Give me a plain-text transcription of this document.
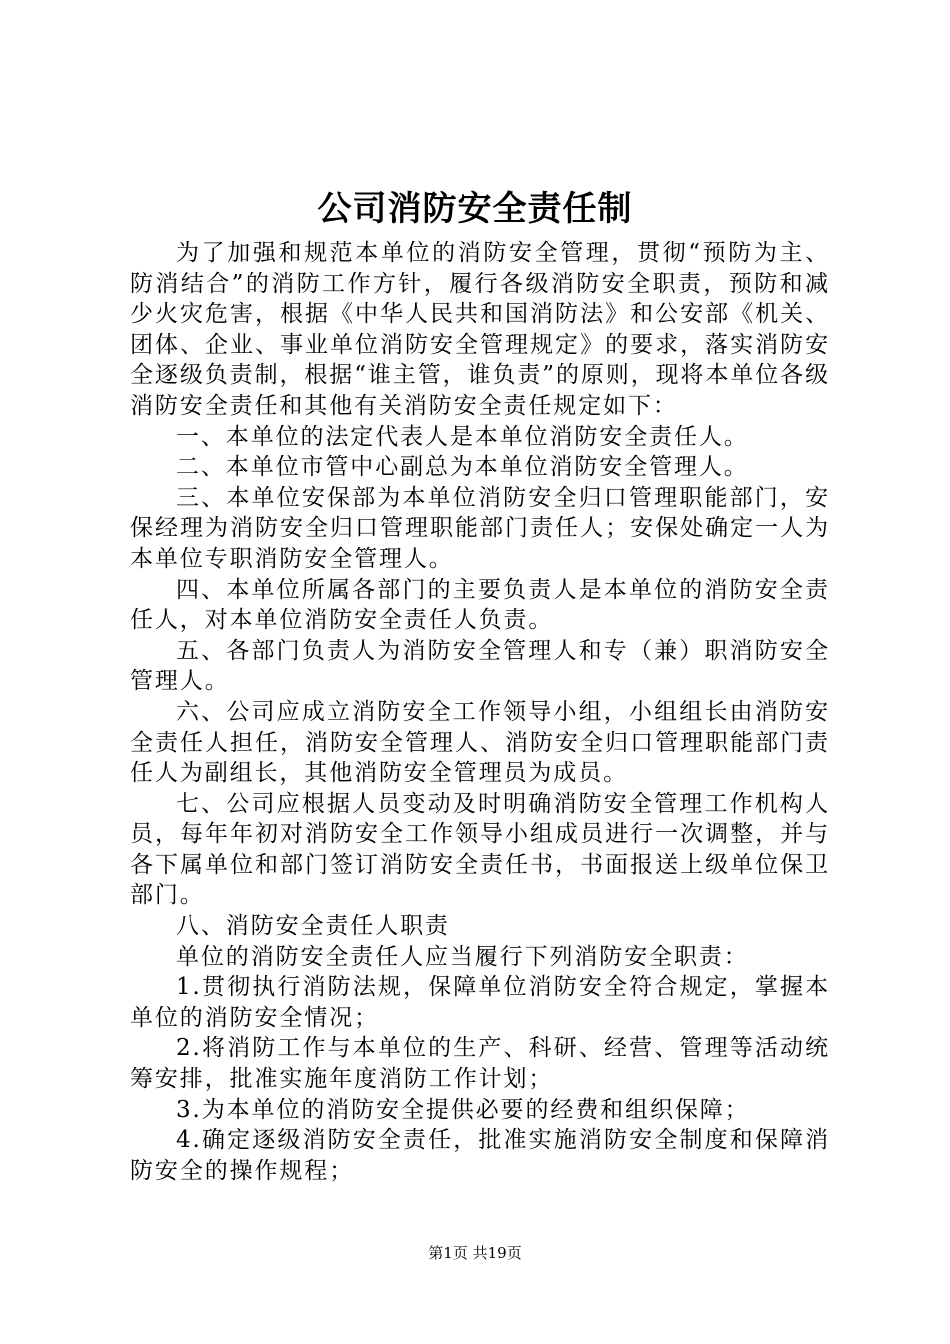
公司消防安全责任制

为了加强和规范本单位的消防安全管理，贯彻“预防为主、防消结合”的消防工作方针，履行各级消防安全职责，预防和减少火灾危害，根据《中华人民共和国消防法》和公安部《机关、团体、企业、事业单位消防安全管理规定》的要求，落实消防安全逐级负责制，根据“谁主管，谁负责”的原则，现将本单位各级消防安全责任和其他有关消防安全责任规定如下：

一、本单位的法定代表人是本单位消防安全责任人。

二、本单位市管中心副总为本单位消防安全管理人。

三、本单位安保部为本单位消防安全归口管理职能部门，安保经理为消防安全归口管理职能部门责任人；安保处确定一人为本单位专职消防安全管理人。

四、本单位所属各部门的主要负责人是本单位的消防安全责任人，对本单位消防安全责任人负责。

五、各部门负责人为消防安全管理人和专（兼）职消防安全管理人。

六、公司应成立消防安全工作领导小组，小组组长由消防安全责任人担任，消防安全管理人、消防安全归口管理职能部门责任人为副组长，其他消防安全管理员为成员。

七、公司应根据人员变动及时明确消防安全管理工作机构人员，每年年初对消防安全工作领导小组成员进行一次调整，并与各下属单位和部门签订消防安全责任书，书面报送上级单位保卫部门。

八、消防安全责任人职责

单位的消防安全责任人应当履行下列消防安全职责：

1.贯彻执行消防法规，保障单位消防安全符合规定，掌握本单位的消防安全情况；

2.将消防工作与本单位的生产、科研、经营、管理等活动统筹安排，批准实施年度消防工作计划；

3.为本单位的消防安全提供必要的经费和组织保障；

4.确定逐级消防安全责任，批准实施消防安全制度和保障消防安全的操作规程；

第1页 共19页
